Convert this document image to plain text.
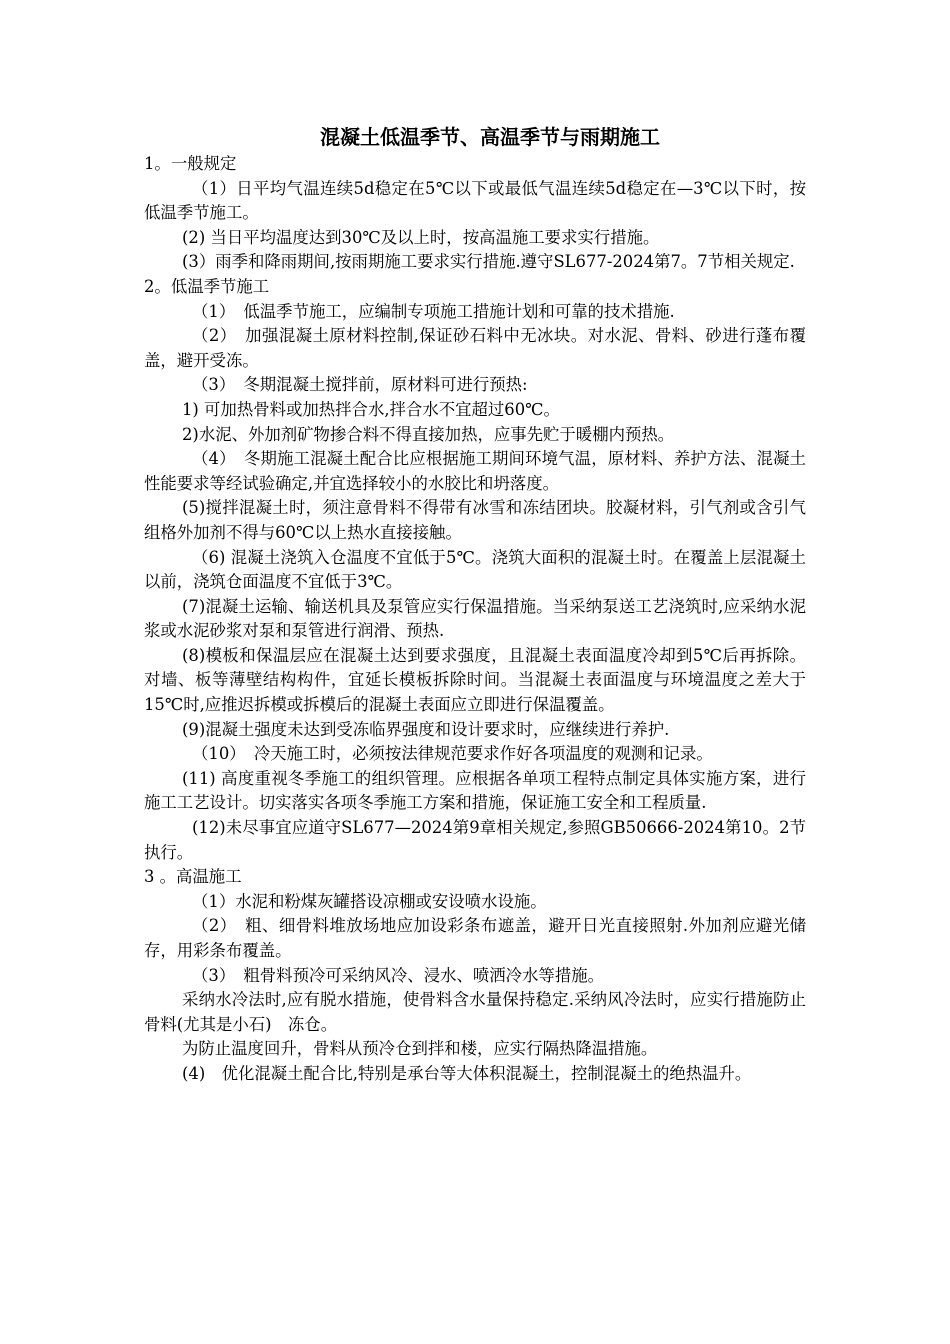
混凝土低温季节、高温季节与雨期施工

1。一般规定

（1）日平均气温连续5d稳定在5℃以下或最低气温连续5d稳定在—3℃以下时，按低温季节施工。

(2) 当日平均温度达到30℃及以上时，按高温施工要求实行措施。

(3）雨季和降雨期间,按雨期施工要求实行措施.遵守SL677-2024第7。7节相关规定.

2。低温季节施工

（1）　低温季节施工，应编制专项施工措施计划和可靠的技术措施.

（2）　加强混凝土原材料控制,保证砂石料中无冰块。对水泥、骨料、砂进行蓬布覆盖，避开受冻。

（3）　冬期混凝土搅拌前，原材料可进行预热:

1) 可加热骨料或加热拌合水,拌合水不宜超过60℃。

2)水泥、外加剂矿物掺合料不得直接加热，应事先贮于暖棚内预热。

（4）　冬期施工混凝土配合比应根据施工期间环境气温，原材料、养护方法、混凝土性能要求等经试验确定,并宜选择较小的水胶比和坍落度。

(5)搅拌混凝土时，须注意骨料不得带有冰雪和冻结团块。胶凝材料，引气剂或含引气组格外加剂不得与60℃以上热水直接接触。

（6) 混凝土浇筑入仓温度不宜低于5℃。浇筑大面积的混凝土时。在覆盖上层混凝土以前，浇筑仓面温度不宜低于3℃。

(7)混凝土运输、输送机具及泵管应实行保温措施。当采纳泵送工艺浇筑时,应采纳水泥浆或水泥砂浆对泵和泵管进行润滑、预热.

(8)模板和保温层应在混凝土达到要求强度，且混凝土表面温度冷却到5℃后再拆除。对墙、板等薄壁结构构件，宜延长模板拆除时间。当混凝土表面温度与环境温度之差大于15℃时,应推迟拆模或拆模后的混凝土表面应立即进行保温覆盖。

(9)混凝土强度未达到受冻临界强度和设计要求时，应继续进行养护.

（10）　冷天施工时，必须按法律规范要求作好各项温度的观测和记录。

(11) 高度重视冬季施工的组织管理。应根据各单项工程特点制定具体实施方案，进行施工工艺设计。切实落实各项冬季施工方案和措施，保证施工安全和工程质量.

(12)未尽事宜应道守SL677—2024第9章相关规定,参照GB50666-2024第10。2节执行。

3 。高温施工

（1）水泥和粉煤灰罐搭设凉棚或安设喷水设施。

（2）　粗、细骨料堆放场地应加设彩条布遮盖，避开日光直接照射.外加剂应避光储存，用彩条布覆盖。

（3）　粗骨料预冷可采纳风冷、浸水、喷洒冷水等措施。

采纳水冷法时,应有脱水措施，使骨料含水量保持稳定.采纳风冷法时，应实行措施防止骨料(尤其是小石)　冻仓。

为防止温度回升，骨料从预冷仓到拌和楼，应实行隔热降温措施。

(4)　优化混凝土配合比,特别是承台等大体积混凝土，控制混凝土的绝热温升。
